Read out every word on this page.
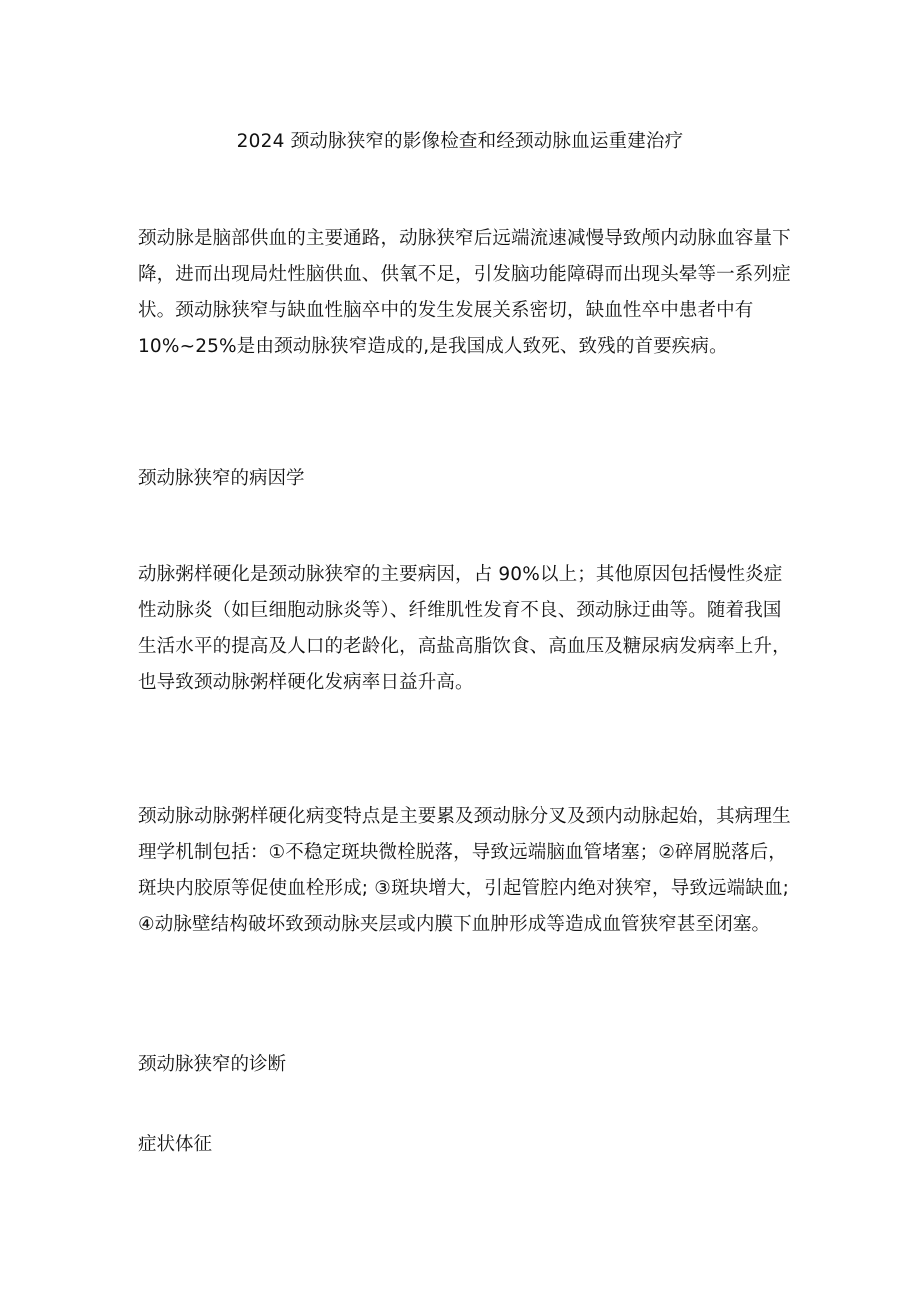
2024 颈动脉狭窄的影像检查和经颈动脉血运重建治疗
颈动脉是脑部供血的主要通路，动脉狭窄后远端流速减慢导致颅内动脉血容量下
降，进而出现局灶性脑供血、供氧不足，引发脑功能障碍而出现头晕等一系列症
状。颈动脉狭窄与缺血性脑卒中的发生发展关系密切，缺血性卒中患者中有
10%~25%是由颈动脉狭窄造成的,是我国成人致死、致残的首要疾病。
颈动脉狭窄的病因学
动脉粥样硬化是颈动脉狭窄的主要病因，占 90%以上；其他原因包括慢性炎症
性动脉炎（如巨细胞动脉炎等）、纤维肌性发育不良、颈动脉迂曲等。随着我国
生活水平的提高及人口的老龄化，高盐高脂饮食、高血压及糖尿病发病率上升，
也导致颈动脉粥样硬化发病率日益升高。
颈动脉动脉粥样硬化病变特点是主要累及颈动脉分叉及颈内动脉起始，其病理生
理学机制包括：①不稳定斑块微栓脱落，导致远端脑血管堵塞；②碎屑脱落后，
斑块内胶原等促使血栓形成; ③斑块增大，引起管腔内绝对狭窄，导致远端缺血;
④动脉壁结构破坏致颈动脉夹层或内膜下血肿形成等造成血管狭窄甚至闭塞。
颈动脉狭窄的诊断
症状体征
